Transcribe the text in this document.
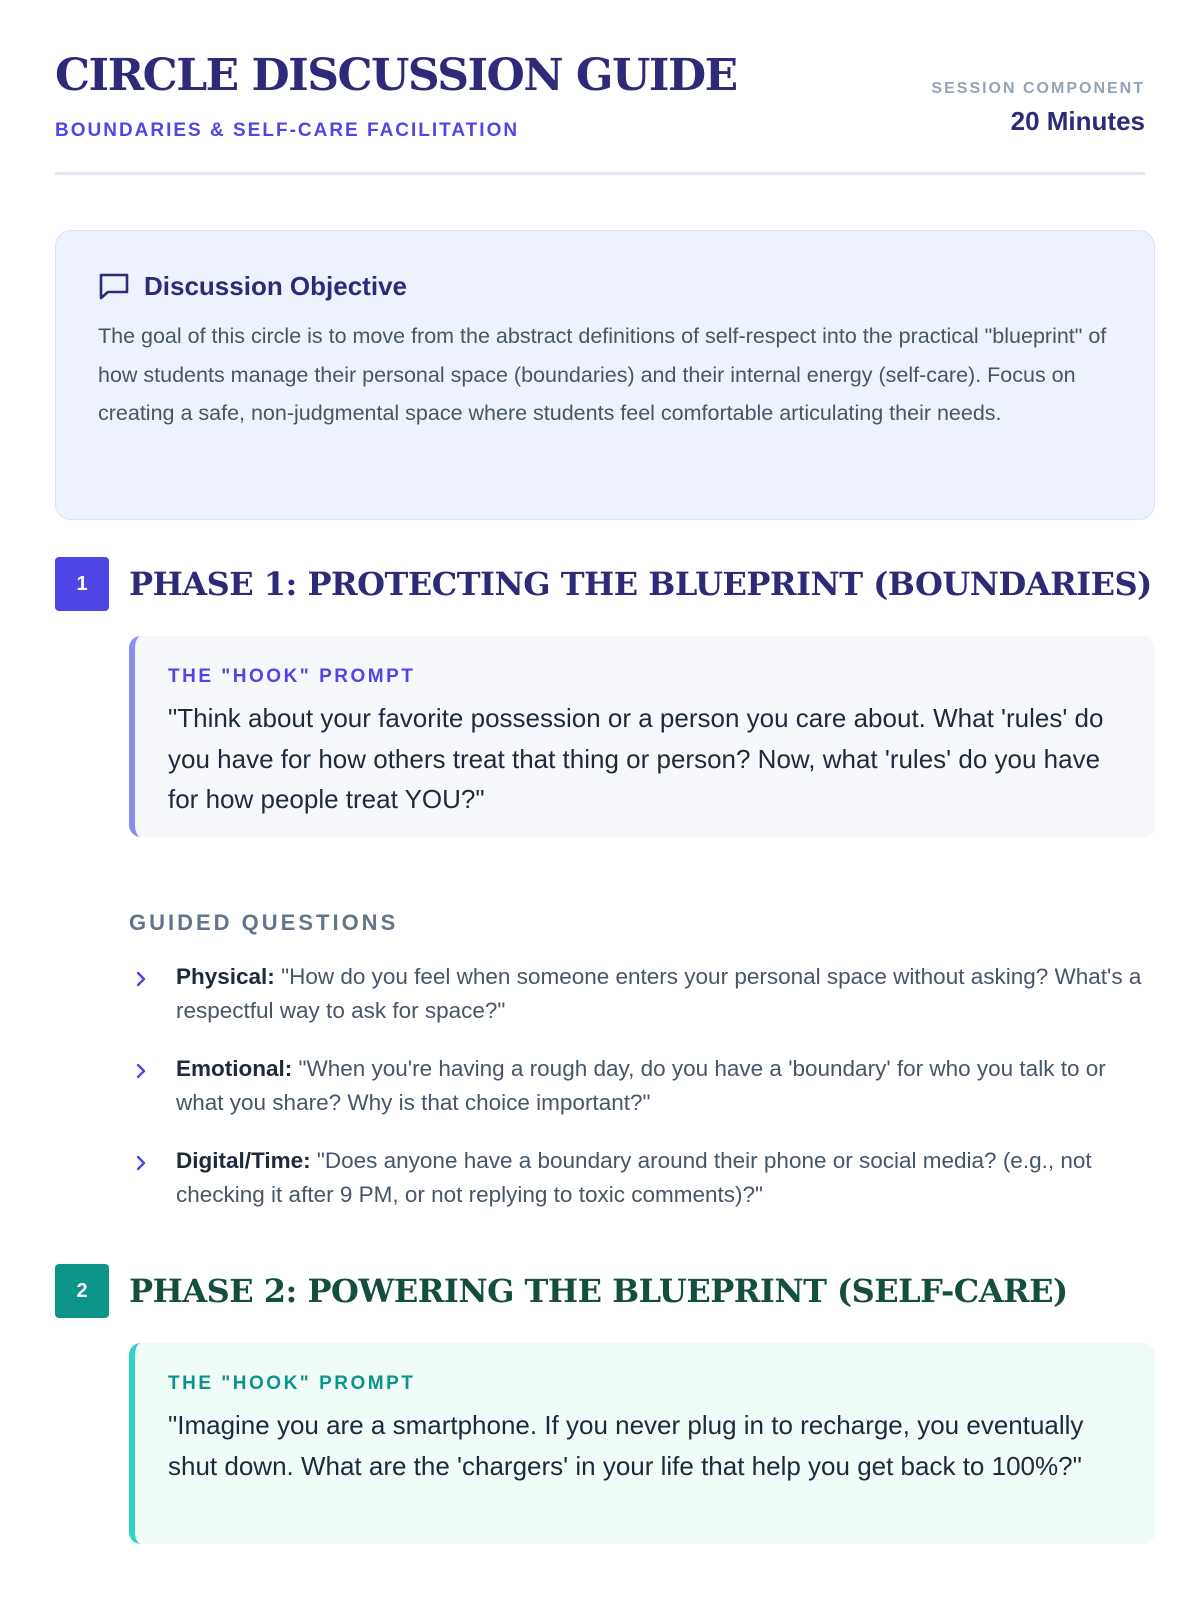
CIRCLE DISCUSSION GUIDE
BOUNDARIES & SELF-CARE FACILITATION
SESSION COMPONENT
20 Minutes
Discussion Objective
The goal of this circle is to move from the abstract definitions of self-respect into the practical "blueprint" of how students manage their personal space (boundaries) and their internal energy (self-care). Focus on creating a safe, non-judgmental space where students feel comfortable articulating their needs.
1	PHASE 1: PROTECTING THE BLUEPRINT (BOUNDARIES)
THE "HOOK" PROMPT
"Think about your favorite possession or a person you care about. What 'rules' do you have for how others treat that thing or person? Now, what 'rules' do you have for how people treat YOU?"
GUIDED QUESTIONS
Physical: "How do you feel when someone enters your personal space without asking? What's a respectful way to ask for space?"
Emotional: "When you're having a rough day, do you have a 'boundary' for who you talk to or what you share? Why is that choice important?"
Digital/Time: "Does anyone have a boundary around their phone or social media? (e.g., not checking it after 9 PM, or not replying to toxic comments)?"
2	PHASE 2: POWERING THE BLUEPRINT (SELF-CARE)
THE "HOOK" PROMPT
"Imagine you are a smartphone. If you never plug in to recharge, you eventually shut down. What are the 'chargers' in your life that help you get back to 100%?"
